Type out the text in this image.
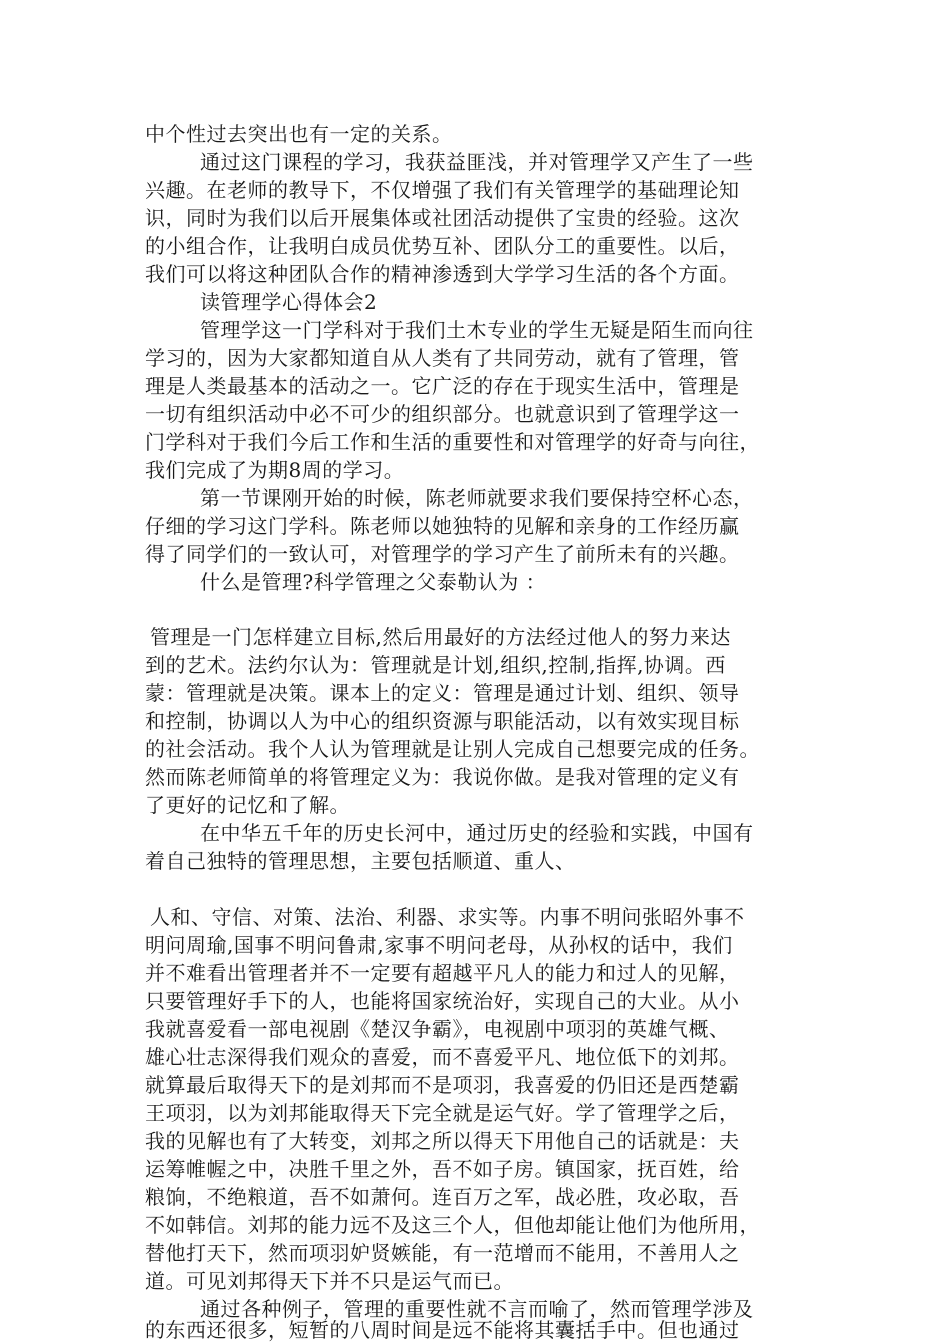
中个性过去突出也有一定的关系。
通过这门课程的学习，我获益匪浅，并对管理学又产生了一些
兴趣。在老师的教导下，不仅增强了我们有关管理学的基础理论知
识，同时为我们以后开展集体或社团活动提供了宝贵的经验。这次
的小组合作，让我明白成员优势互补、团队分工的重要性。以后，
我们可以将这种团队合作的精神渗透到大学学习生活的各个方面。
读管理学心得体会2
管理学这一门学科对于我们土木专业的学生无疑是陌生而向往
学习的，因为大家都知道自从人类有了共同劳动，就有了管理，管
理是人类最基本的活动之一。它广泛的存在于现实生活中，管理是
一切有组织活动中必不可少的组织部分。也就意识到了管理学这一
门学科对于我们今后工作和生活的重要性和对管理学的好奇与向往，
我们完成了为期8周的学习。
第一节课刚开始的时候，陈老师就要求我们要保持空杯心态，
仔细的学习这门学科。陈老师以她独特的见解和亲身的工作经历赢
得了同学们的一致认可，对管理学的学习产生了前所未有的兴趣。
什么是管理?科学管理之父泰勒认为 ：
管理是一门怎样建立目标,然后用最好的方法经过他人的努力来达
到的艺术。法约尔认为：管理就是计划,组织,控制,指挥,协调。西
蒙：管理就是决策。课本上的定义：管理是通过计划、组织、领导
和控制，协调以人为中心的组织资源与职能活动，以有效实现目标
的社会活动。我个人认为管理就是让别人完成自己想要完成的任务。
然而陈老师简单的将管理定义为：我说你做。是我对管理的定义有
了更好的记忆和了解。
在中华五千年的历史长河中，通过历史的经验和实践，中国有
着自己独特的管理思想，主要包括顺道、重人、
人和、守信、对策、法治、利器、求实等。内事不明问张昭外事不
明问周瑜,国事不明问鲁肃,家事不明问老母，从孙权的话中，我们
并不难看出管理者并不一定要有超越平凡人的能力和过人的见解，
只要管理好手下的人，也能将国家统治好，实现自己的大业。从小
我就喜爱看一部电视剧《楚汉争霸》，电视剧中项羽的英雄气概、
雄心壮志深得我们观众的喜爱，而不喜爱平凡、地位低下的刘邦。
就算最后取得天下的是刘邦而不是项羽，我喜爱的仍旧还是西楚霸
王项羽，以为刘邦能取得天下完全就是运气好。学了管理学之后，
我的见解也有了大转变，刘邦之所以得天下用他自己的话就是：夫
运筹帷幄之中，决胜千里之外，吾不如子房。镇国家，抚百姓，给
粮饷，不绝粮道，吾不如萧何。连百万之军，战必胜，攻必取，吾
不如韩信。刘邦的能力远不及这三个人，但他却能让他们为他所用，
替他打天下，然而项羽妒贤嫉能，有一范增而不能用，不善用人之
道。可见刘邦得天下并不只是运气而已。
通过各种例子，管理的重要性就不言而喻了，然而管理学涉及
的东西还很多，短暂的八周时间是远不能将其囊括手中。但也通过
